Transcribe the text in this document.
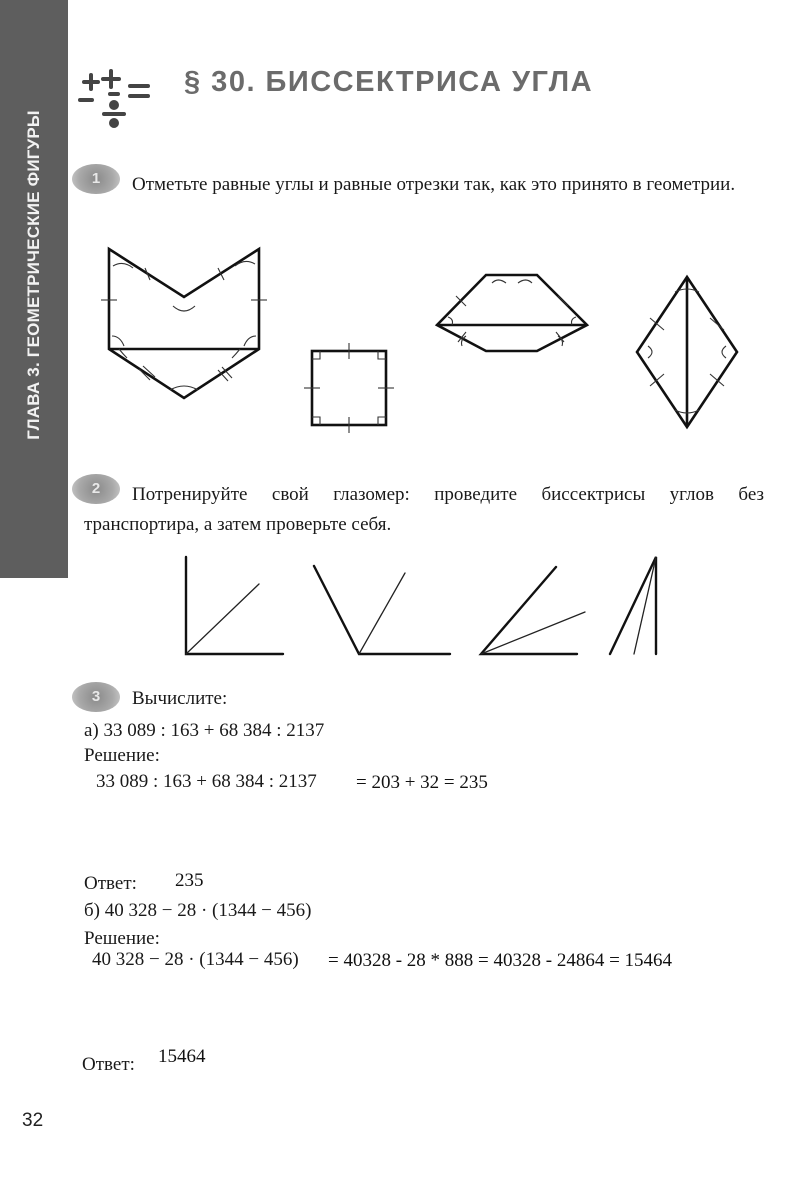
ГЛАВА 3. ГЕОМЕТРИЧЕСКИЕ ФИГУРЫ
§ 30. БИССЕКТРИСА УГЛА
1	Отметьте равные углы и равные отрезки так, как это принято в геометрии.
2	Потренируйте свой глазомер: проведите биссектрисы углов без транспортира, а затем проверьте себя.
3	Вычислите:
а) 33 089 : 163 + 68 384 : 2137
Решение:
33 089 : 163 + 68 384 : 2137 = 203 + 32 = 235
Ответ: 235
б) 40 328 − 28 · (1344 − 456)
Решение:
40 328 − 28 · (1344 − 456) = 40328 - 28 * 888 = 40328 - 24864 = 15464
Ответ: 15464
32
